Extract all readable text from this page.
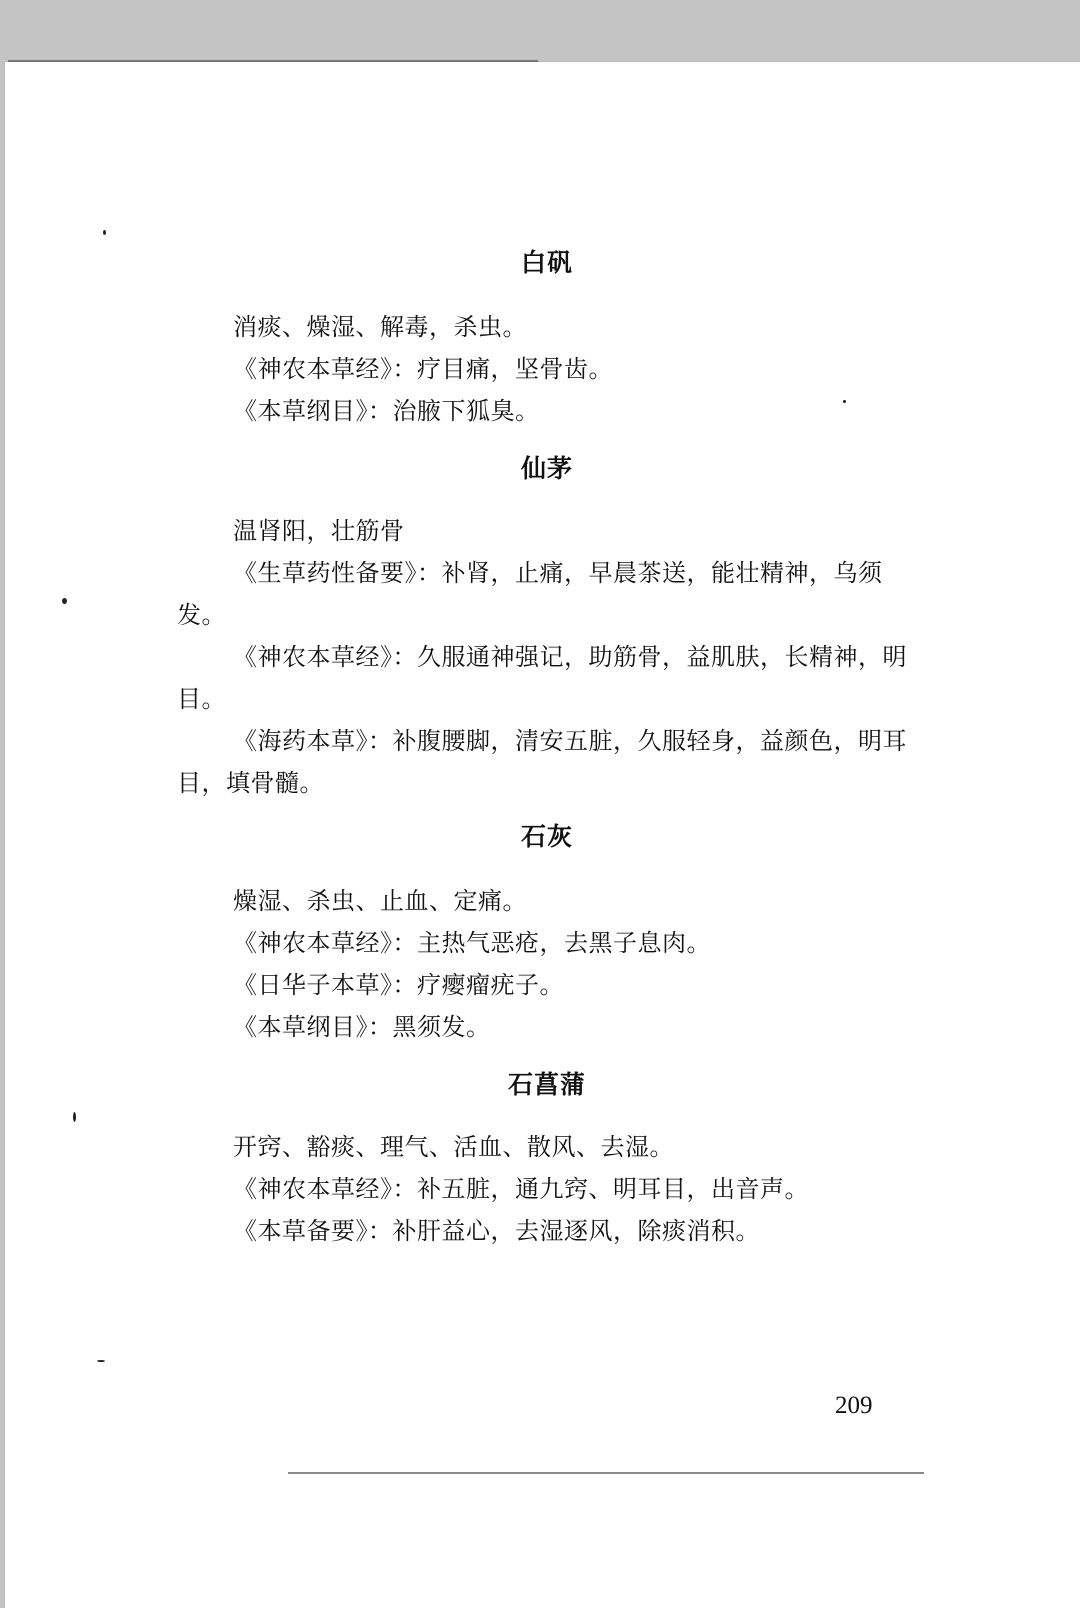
白矾
消痰、燥湿、解毒，杀虫。
《神农本草经》：疗目痛，坚骨齿。
《本草纲目》：治腋下狐臭。
仙茅
温肾阳，壮筋骨
《生草药性备要》：补肾，止痛，早晨茶送，能壮精神，乌须发。
《神农本草经》：久服通神强记，助筋骨，益肌肤，长精神，明目。
《海药本草》：补腹腰脚，清安五脏，久服轻身，益颜色，明耳目，填骨髓。
石灰
燥湿、杀虫、止血、定痛。
《神农本草经》：主热气恶疮，去黑子息肉。
《日华子本草》：疗瘿瘤疣子。
《本草纲目》：黑须发。
石菖蒲
开窍、豁痰、理气、活血、散风、去湿。
《神农本草经》：补五脏，通九窍、明耳目，出音声。
《本草备要》：补肝益心，去湿逐风，除痰消积。
209
